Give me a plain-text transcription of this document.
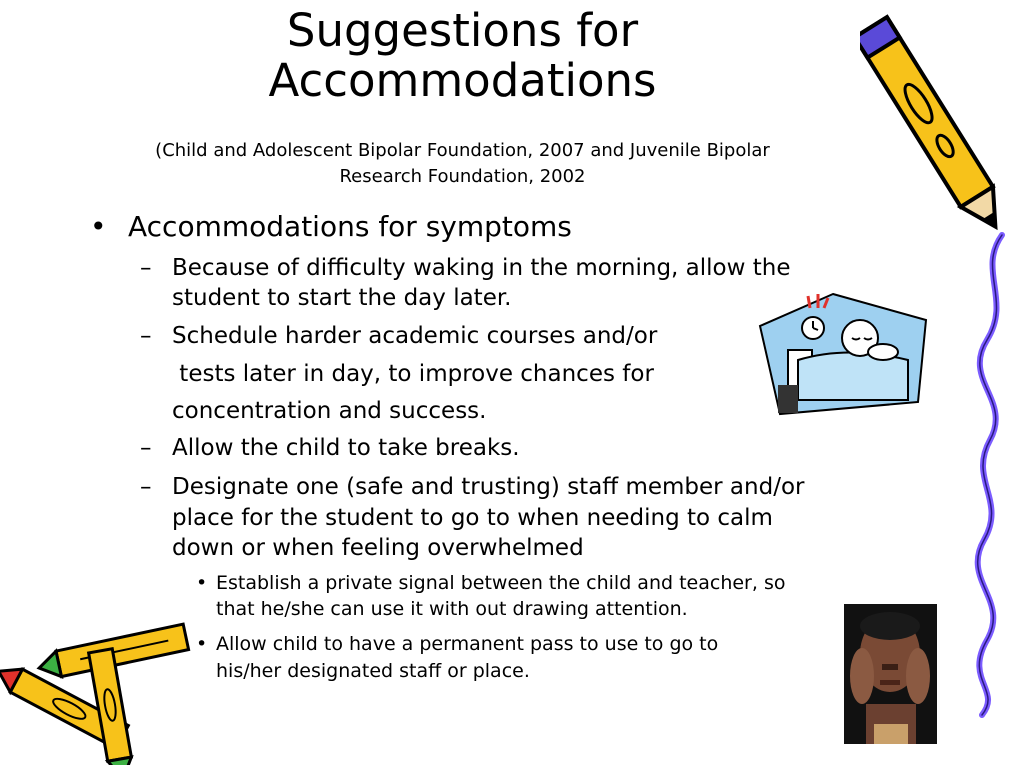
Suggestions for
Accommodations
(Child and Adolescent Bipolar Foundation, 2007 and Juvenile Bipolar
Research Foundation, 2002
• Accommodations for symptoms
– Because of difficulty waking in the morning, allow the
student to start the day later.
– Schedule harder academic courses and/or
tests later in day, to improve chances for
concentration and success.
– Allow the child to take breaks.
– Designate one (safe and trusting) staff member and/or
place for the student to go to when needing to calm
down or when feeling overwhelmed
• Establish a private signal between the child and teacher, so
that he/she can use it with out drawing attention.
• Allow child to have a permanent pass to use to go to
his/her designated staff or place.
